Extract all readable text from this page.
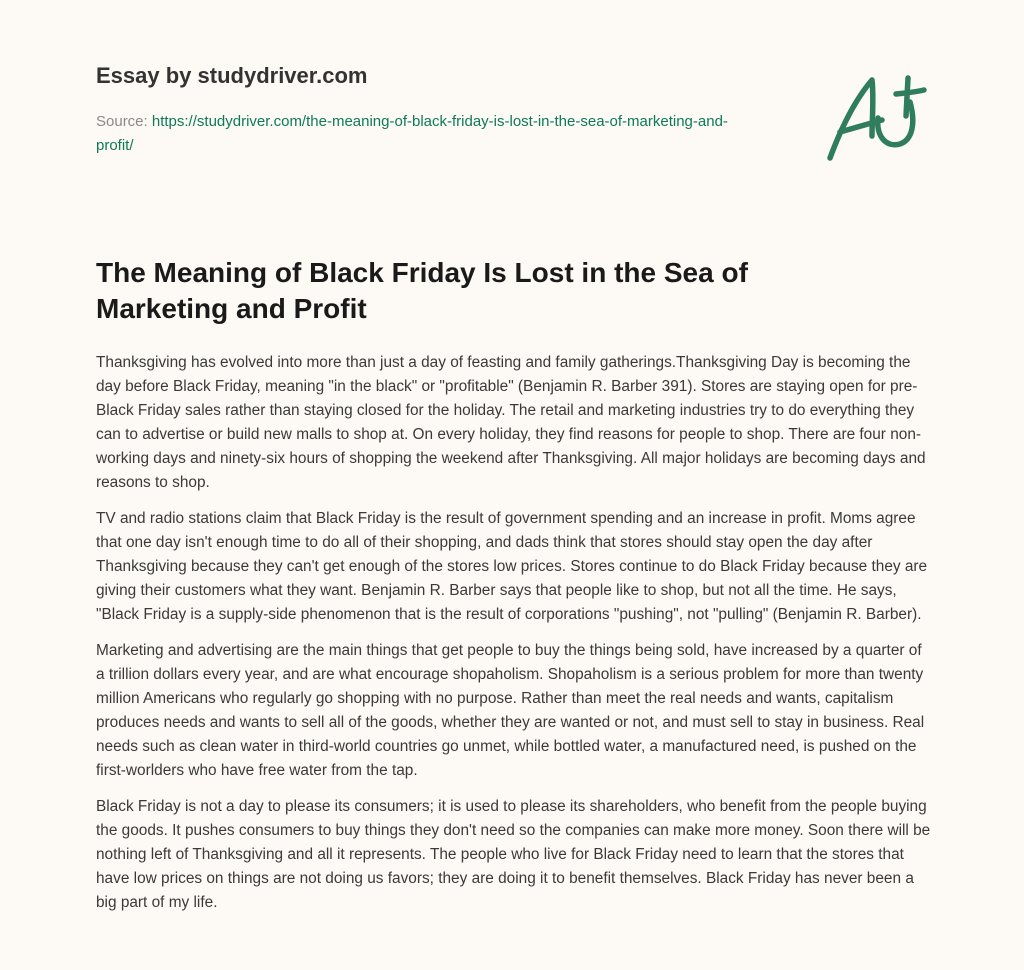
Essay by studydriver.com
Source: https://studydriver.com/the-meaning-of-black-friday-is-lost-in-the-sea-of-marketing-and-profit/
The Meaning of Black Friday Is Lost in the Sea of Marketing and Profit

Thanksgiving has evolved into more than just a day of feasting and family gatherings.Thanksgiving Day is becoming the day before Black Friday, meaning "in the black" or "profitable" (Benjamin R. Barber 391). Stores are staying open for pre-Black Friday sales rather than staying closed for the holiday. The retail and marketing industries try to do everything they can to advertise or build new malls to shop at. On every holiday, they find reasons for people to shop. There are four non-working days and ninety-six hours of shopping the weekend after Thanksgiving. All major holidays are becoming days and reasons to shop.

TV and radio stations claim that Black Friday is the result of government spending and an increase in profit. Moms agree that one day isn't enough time to do all of their shopping, and dads think that stores should stay open the day after Thanksgiving because they can't get enough of the stores low prices. Stores continue to do Black Friday because they are giving their customers what they want. Benjamin R. Barber says that people like to shop, but not all the time. He says, "Black Friday is a supply-side phenomenon that is the result of corporations "pushing", not "pulling" (Benjamin R. Barber).

Marketing and advertising are the main things that get people to buy the things being sold, have increased by a quarter of a trillion dollars every year, and are what encourage shopaholism. Shopaholism is a serious problem for more than twenty million Americans who regularly go shopping with no purpose. Rather than meet the real needs and wants, capitalism produces needs and wants to sell all of the goods, whether they are wanted or not, and must sell to stay in business. Real needs such as clean water in third-world countries go unmet, while bottled water, a manufactured need, is pushed on the first-worlders who have free water from the tap.

Black Friday is not a day to please its consumers; it is used to please its shareholders, who benefit from the people buying the goods. It pushes consumers to buy things they don't need so the companies can make more money. Soon there will be nothing left of Thanksgiving and all it represents. The people who live for Black Friday need to learn that the stores that have low prices on things are not doing us favors; they are doing it to benefit themselves. Black Friday has never been a big part of my life.
